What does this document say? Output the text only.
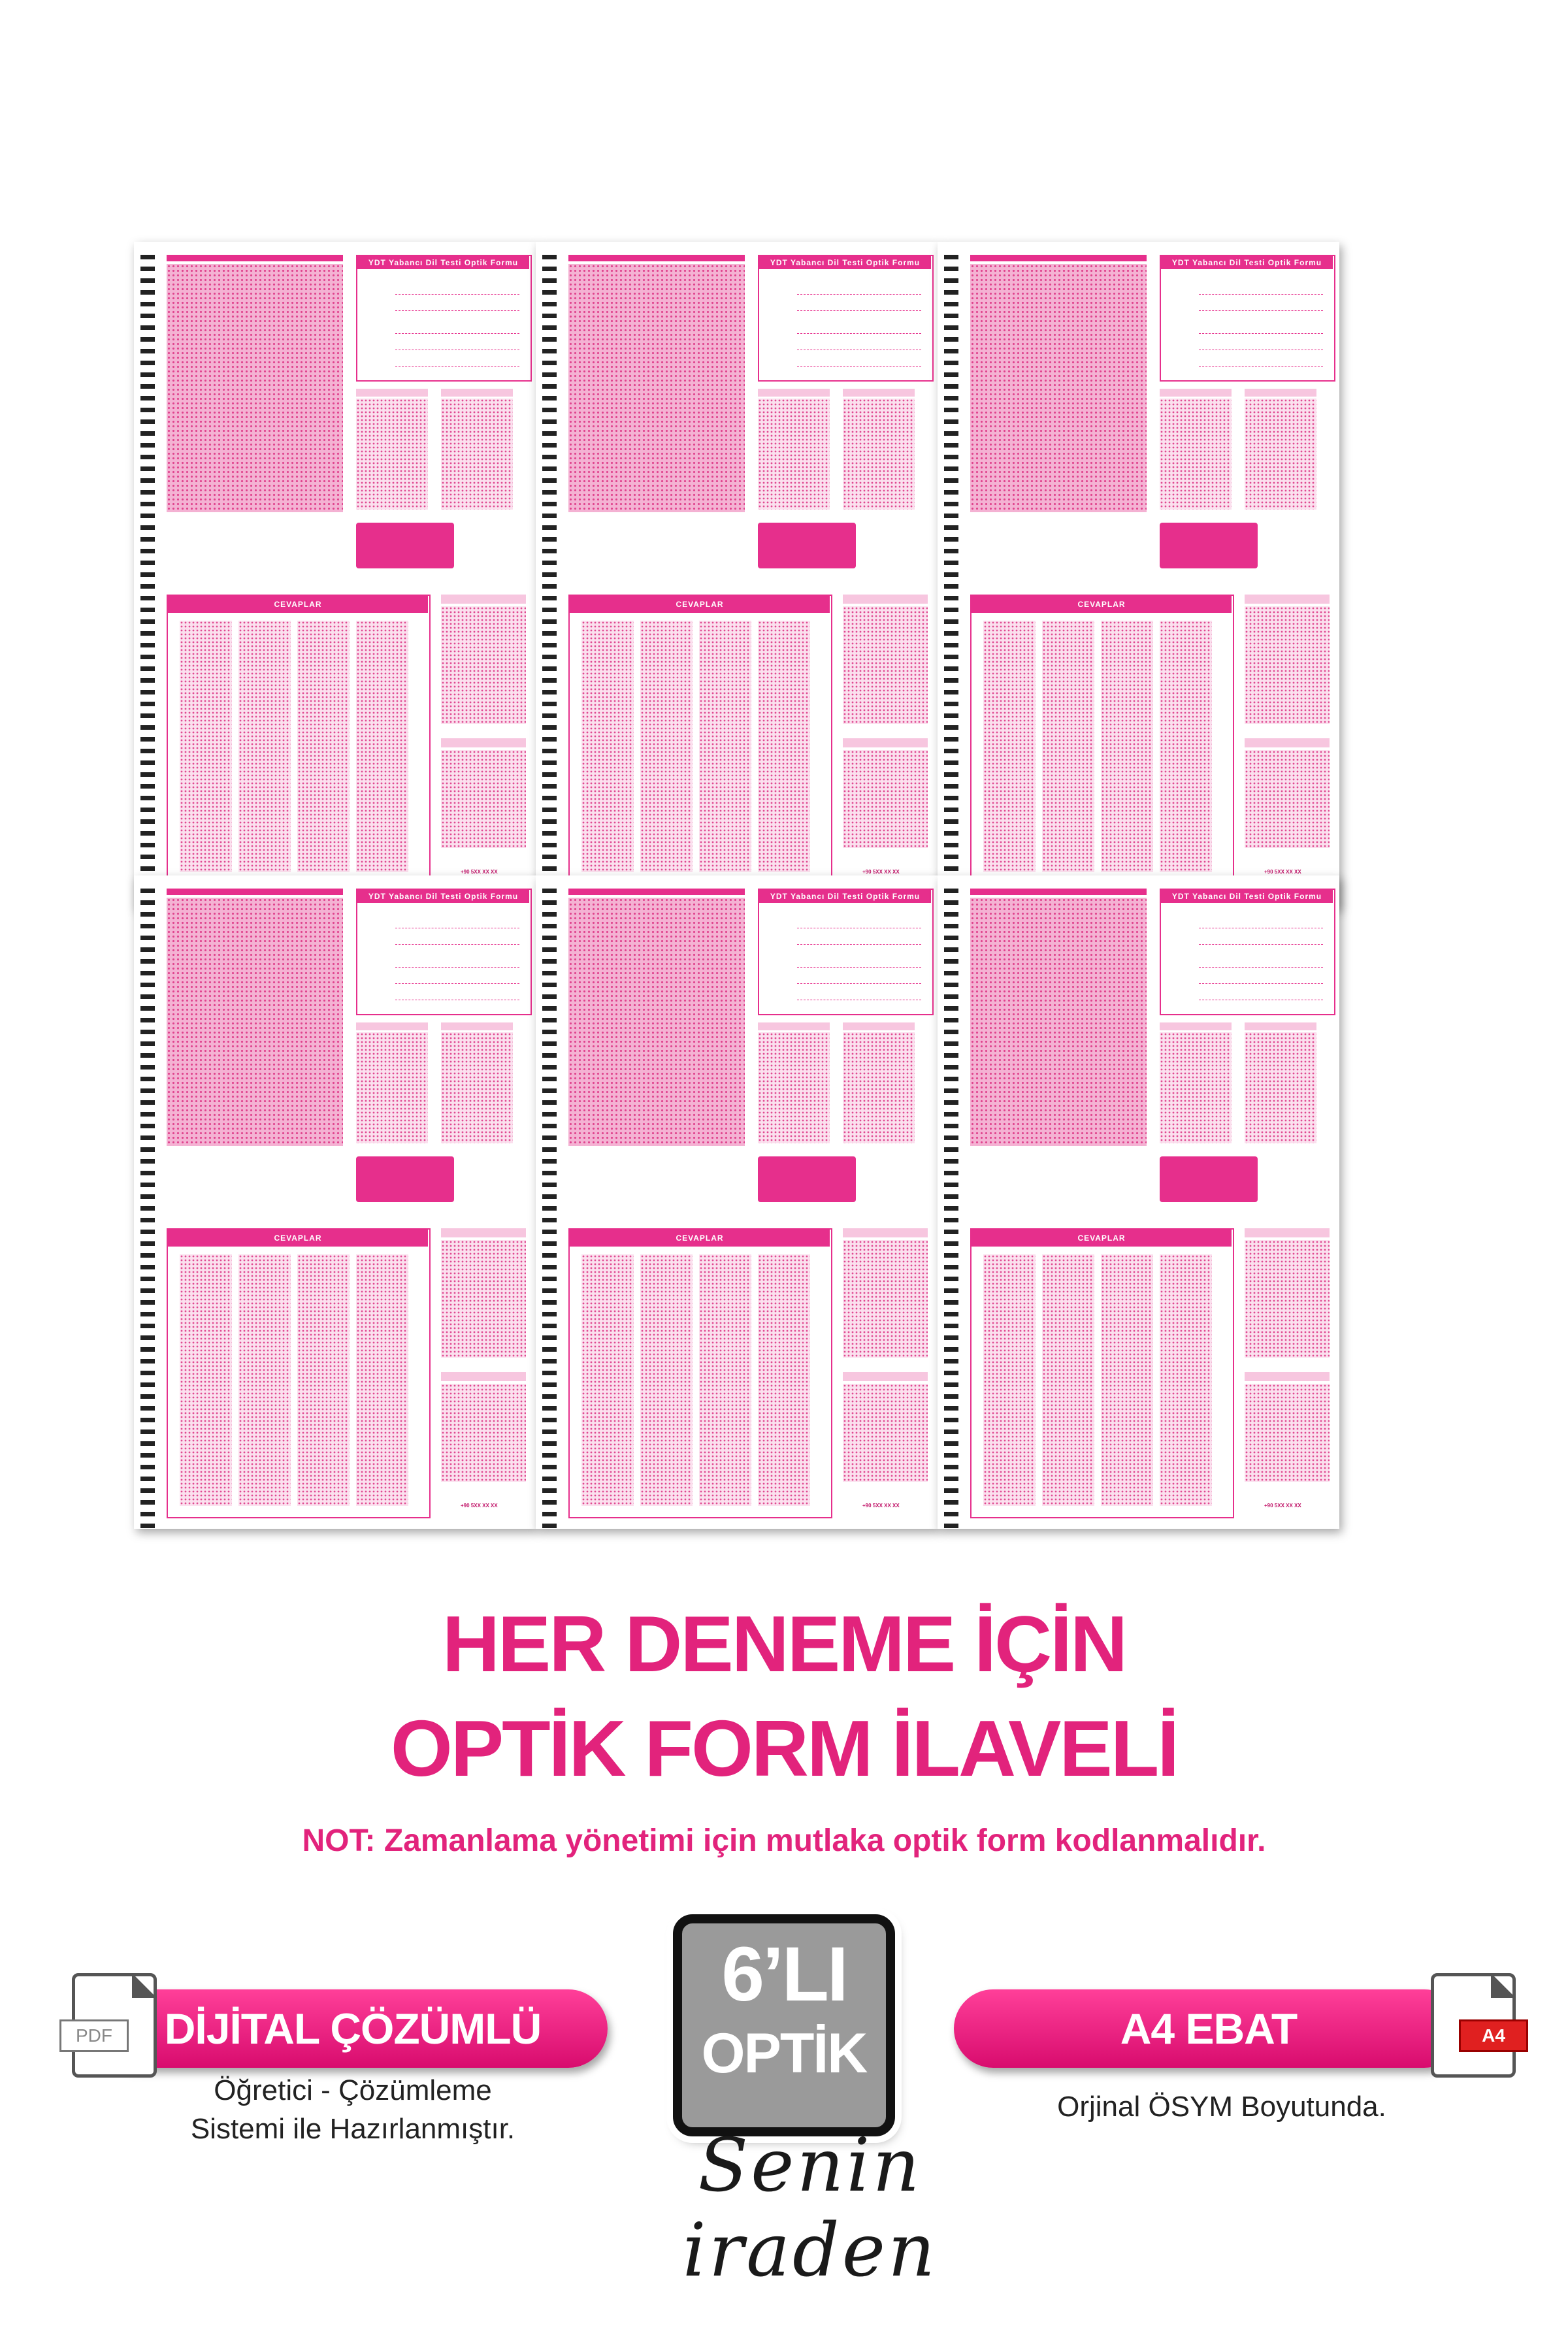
YDT Yabancı Dil Testi Optik Formu
CEVAPLAR
+90 5XX XX XX
YDT Yabancı Dil Testi Optik Formu
CEVAPLAR
+90 5XX XX XX
YDT Yabancı Dil Testi Optik Formu
CEVAPLAR
+90 5XX XX XX
YDT Yabancı Dil Testi Optik Formu
CEVAPLAR
+90 5XX XX XX
YDT Yabancı Dil Testi Optik Formu
CEVAPLAR
+90 5XX XX XX
YDT Yabancı Dil Testi Optik Formu
CEVAPLAR
+90 5XX XX XX
HER DENEME İÇİN
OPTİK FORM İLAVELİ
NOT: Zamanlama yönetimi için mutlaka optik form kodlanmalıdır.
DİJİTAL ÇÖZÜMLÜ
PDF
Öğretici - Çözümleme
Sistemi ile Hazırlanmıştır.
6’LI
OPTİK
Senin iraden
A4 EBAT	A4
Orjinal ÖSYM Boyutunda.
